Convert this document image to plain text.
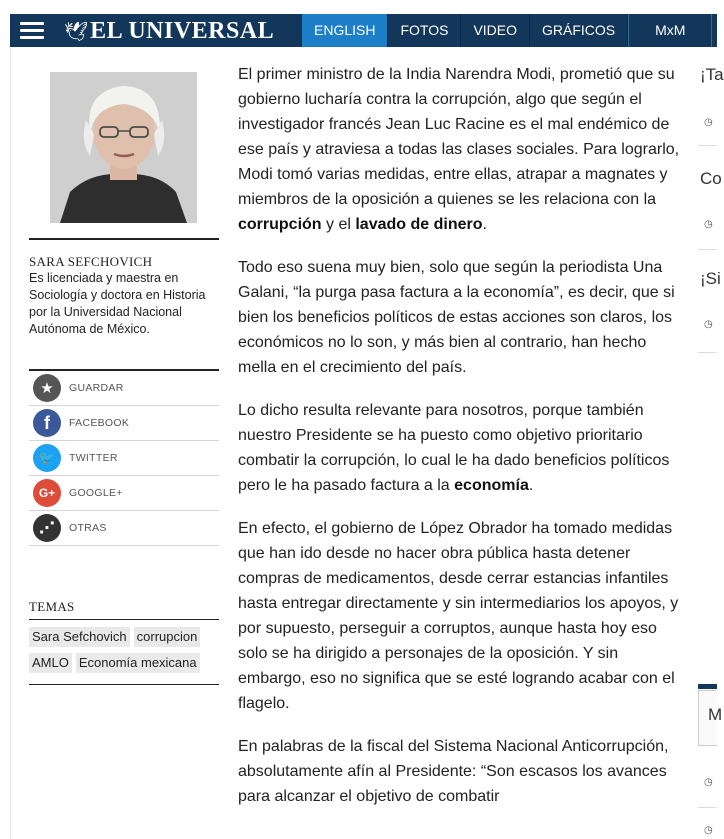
🕊 EL UNIVERSAL	ENGLISH	FOTOS	VIDEO	GRÁFICOS	MxM
SARA SEFCHOVICH
Es licenciada y maestra en Sociología y doctora en Historia por la Universidad Nacional Autónoma de México.
★	GUARDAR
f	FACEBOOK
🐦	TWITTER
G+	GOOGLE+
⋰	OTRAS
TEMAS
Sara Sefchovich corrupcion
AMLO Economía mexicana

El primer ministro de la India Narendra Modi, prometió que su gobierno lucharía contra la corrupción, algo que según el investigador francés Jean Luc Racine es el mal endémico de ese país y atraviesa a todas las clases sociales. Para lograrlo, Modi tomó varias medidas, entre ellas, atrapar a magnates y miembros de la oposición a quienes se les relaciona con la corrupción y el lavado de dinero.

Todo eso suena muy bien, solo que según la periodista Una Galani, “la purga pasa factura a la economía”, es decir, que si bien los beneficios políticos de estas acciones son claros, los económicos no lo son, y más bien al contrario, han hecho mella en el crecimiento del país.

Lo dicho resulta relevante para nosotros, porque también nuestro Presidente se ha puesto como objetivo prioritario combatir la corrupción, lo cual le ha dado beneficios políticos pero le ha pasado factura a la economía.

En efecto, el gobierno de López Obrador ha tomado medidas que han ido desde no hacer obra pública hasta detener compras de medicamentos, desde cerrar estancias infantiles hasta entregar directamente y sin intermediarios los apoyos, y por supuesto, perseguir a corruptos, aunque hasta hoy eso solo se ha dirigido a personajes de la oposición. Y sin embargo, eso no significa que se esté logrando acabar con el flagelo.

En palabras de la fiscal del Sistema Nacional Anticorrupción, absolutamente afín al Presidente: “Son escasos los avances para alcanzar el objetivo de combatir

¡Ta
◷
Co
◷
¡Si
◷
M
◷
◷
